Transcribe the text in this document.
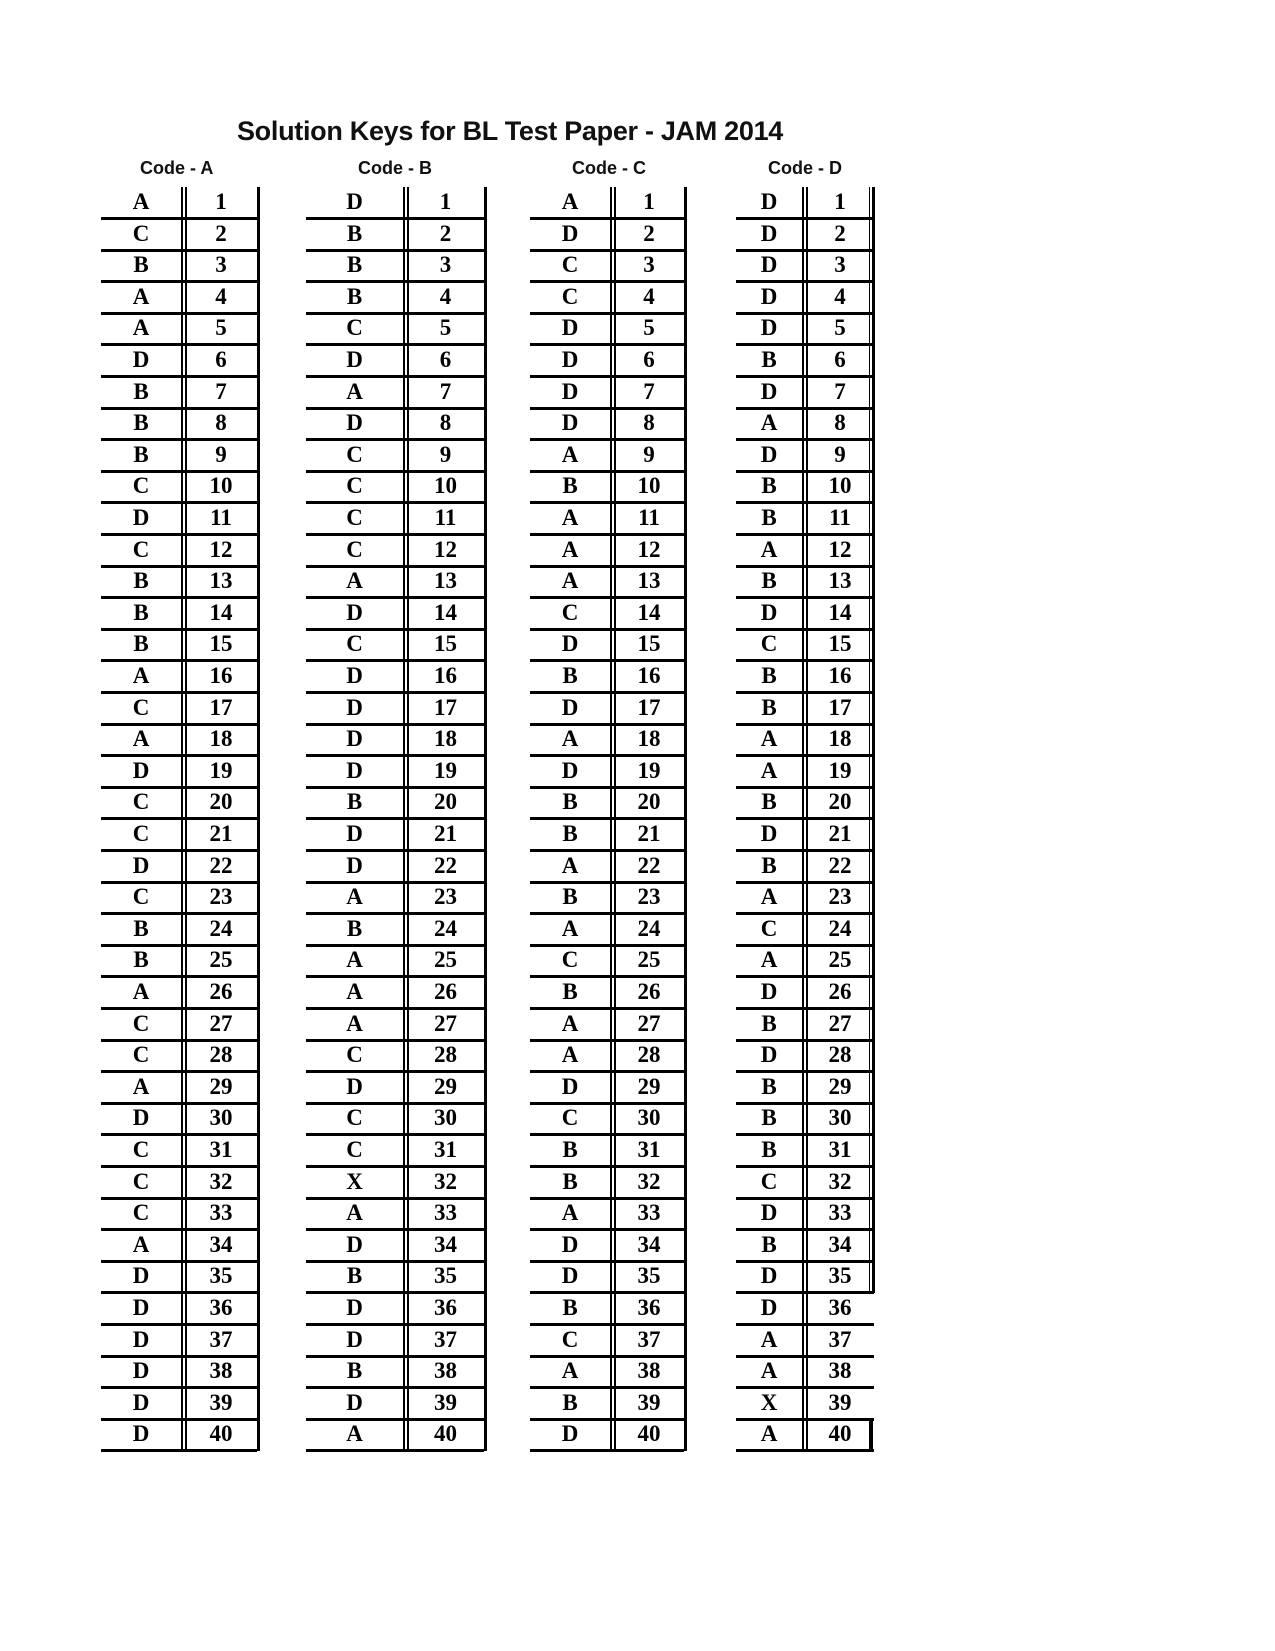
Solution Keys for BL Test Paper - JAM 2014
Code - A	Code - B	Code - C	Code - D
A	1
C	2
B	3
A	4
A	5
D	6
B	7
B	8
B	9
C	10
D	11
C	12
B	13
B	14
B	15
A	16
C	17
A	18
D	19
C	20
C	21
D	22
C	23
B	24
B	25
A	26
C	27
C	28
A	29
D	30
C	31
C	32
C	33
A	34
D	35
D	36
D	37
D	38
D	39
D	40
D	1
B	2
B	3
B	4
C	5
D	6
A	7
D	8
C	9
C	10
C	11
C	12
A	13
D	14
C	15
D	16
D	17
D	18
D	19
B	20
D	21
D	22
A	23
B	24
A	25
A	26
A	27
C	28
D	29
C	30
C	31
X	32
A	33
D	34
B	35
D	36
D	37
B	38
D	39
A	40
A	1
D	2
C	3
C	4
D	5
D	6
D	7
D	8
A	9
B	10
A	11
A	12
A	13
C	14
D	15
B	16
D	17
A	18
D	19
B	20
B	21
A	22
B	23
A	24
C	25
B	26
A	27
A	28
D	29
C	30
B	31
B	32
A	33
D	34
D	35
B	36
C	37
A	38
B	39
D	40
D	1
D	2
D	3
D	4
D	5
B	6
D	7
A	8
D	9
B	10
B	11
A	12
B	13
D	14
C	15
B	16
B	17
A	18
A	19
B	20
D	21
B	22
A	23
C	24
A	25
D	26
B	27
D	28
B	29
B	30
B	31
C	32
D	33
B	34
D	35
D	36
A	37
A	38
X	39
A	40
